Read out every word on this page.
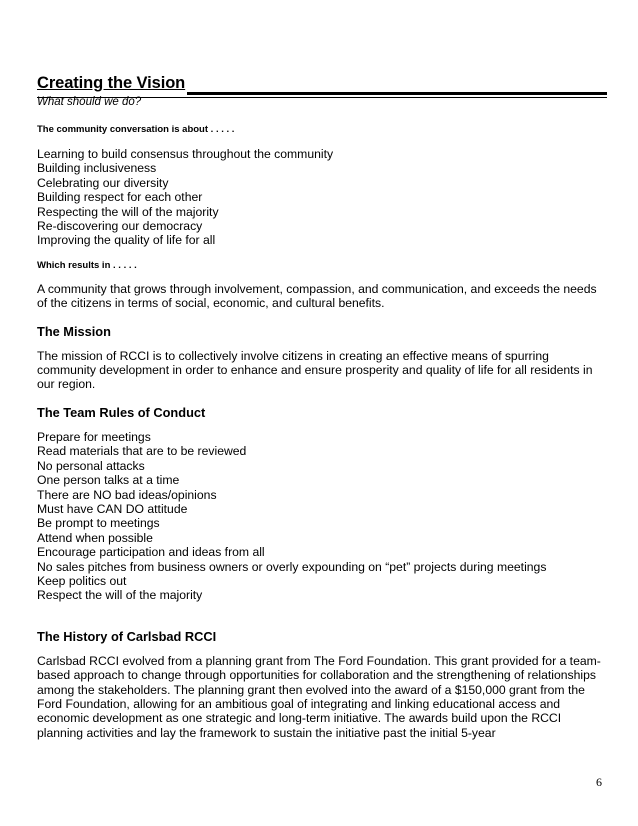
Creating the Vision
What should we do?

The community conversation is about . . . . .

Learning to build consensus throughout the community
Building inclusiveness
Celebrating our diversity
Building respect for each other
Respecting the will of the majority
Re-discovering our democracy
Improving the quality of life for all

Which results in . . . . .

A community that grows through involvement, compassion, and communication, and exceeds the needs of the citizens in terms of social, economic, and cultural benefits.

The Mission

The mission of RCCI is to collectively involve citizens in creating an effective means of spurring community development in order to enhance and ensure prosperity and quality of life for all residents in our region.

The Team Rules of Conduct
Prepare for meetings
Read materials that are to be reviewed
No personal attacks
One person talks at a time
There are NO bad ideas/opinions
Must have CAN DO attitude
Be prompt to meetings
Attend when possible
Encourage participation and ideas from all
No sales pitches from business owners or overly expounding on “pet” projects during meetings
Keep politics out
Respect the will of the majority
The History of Carlsbad RCCI

Carlsbad RCCI evolved from a planning grant from The Ford Foundation. This grant provided for a team-based approach to change through opportunities for collaboration and the strengthening of relationships among the stakeholders. The planning grant then evolved into the award of a $150,000 grant from the Ford Foundation, allowing for an ambitious goal of integrating and linking educational access and economic development as one strategic and long-term initiative. The awards build upon the RCCI planning activities and lay the framework to sustain the initiative past the initial 5-year

6
